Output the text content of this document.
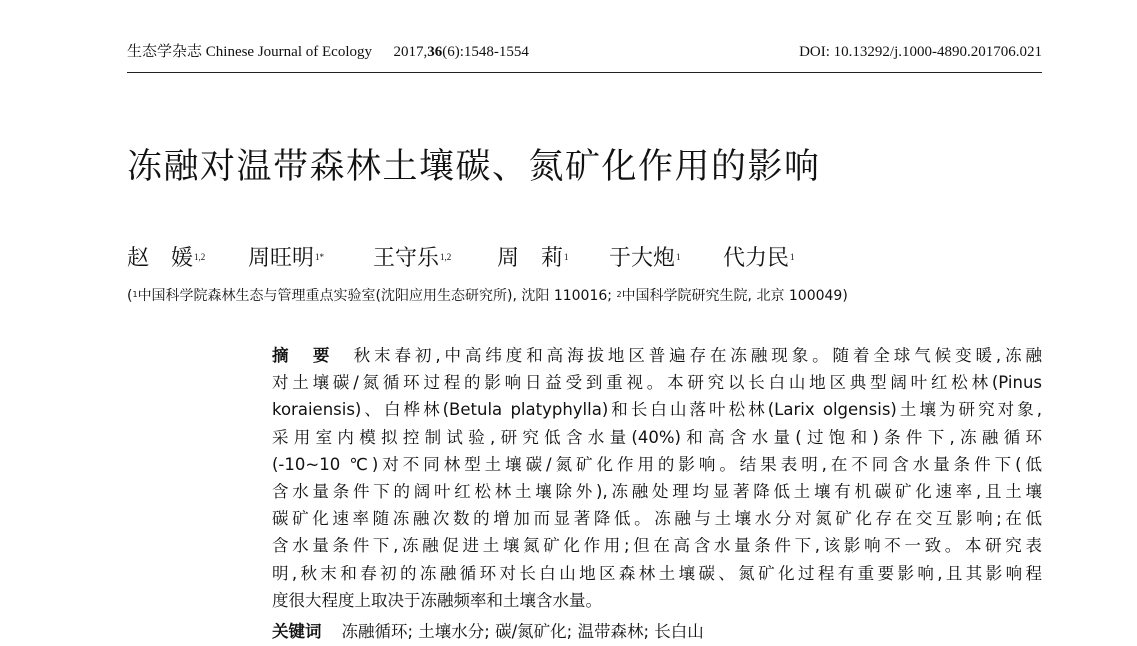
生态学杂志 Chinese Journal of Ecology 2017,36(6):1548-1554	DOI: 10.13292/j.1000-4890.201706.021
冻融对温带森林土壤碳、氮矿化作用的影响
赵　媛$^{1,2}$ 周旺明$^{1*}$ 王守乐$^{1,2}$ 周　莉$^1$ 于大炮$^1$ 代力民$^1$
($^1$中国科学院森林生态与管理重点实验室(沈阳应用生态研究所), 沈阳 110016; $^2$中国科学院研究生院, 北京 100049)
摘　要　 秋末春初,中高纬度和高海拔地区普遍存在冻融现象。随着全球气候变暖,冻融
对土壤碳/氮循环过程的影响日益受到重视。本研究以长白山地区典型阔叶红松林(Pinus
koraiensis)、白桦林(Betula platyphylla)和长白山落叶松林(Larix olgensis)土壤为研究对象,
采用室内模拟控制试验,研究低含水量(40%)和高含水量(过饱和)条件下,冻融循环
(-10~10 ℃)对不同林型土壤碳/氮矿化作用的影响。结果表明,在不同含水量条件下(低
含水量条件下的阔叶红松林土壤除外),冻融处理均显著降低土壤有机碳矿化速率,且土壤
碳矿化速率随冻融次数的增加而显著降低。冻融与土壤水分对氮矿化存在交互影响;在低
含水量条件下,冻融促进土壤氮矿化作用;但在高含水量条件下,该影响不一致。本研究表
明,秋末和春初的冻融循环对长白山地区森林土壤碳、氮矿化过程有重要影响,且其影响程
度很大程度上取决于冻融频率和土壤含水量。
关键词 冻融循环; 土壤水分; 碳/氮矿化; 温带森林; 长白山
